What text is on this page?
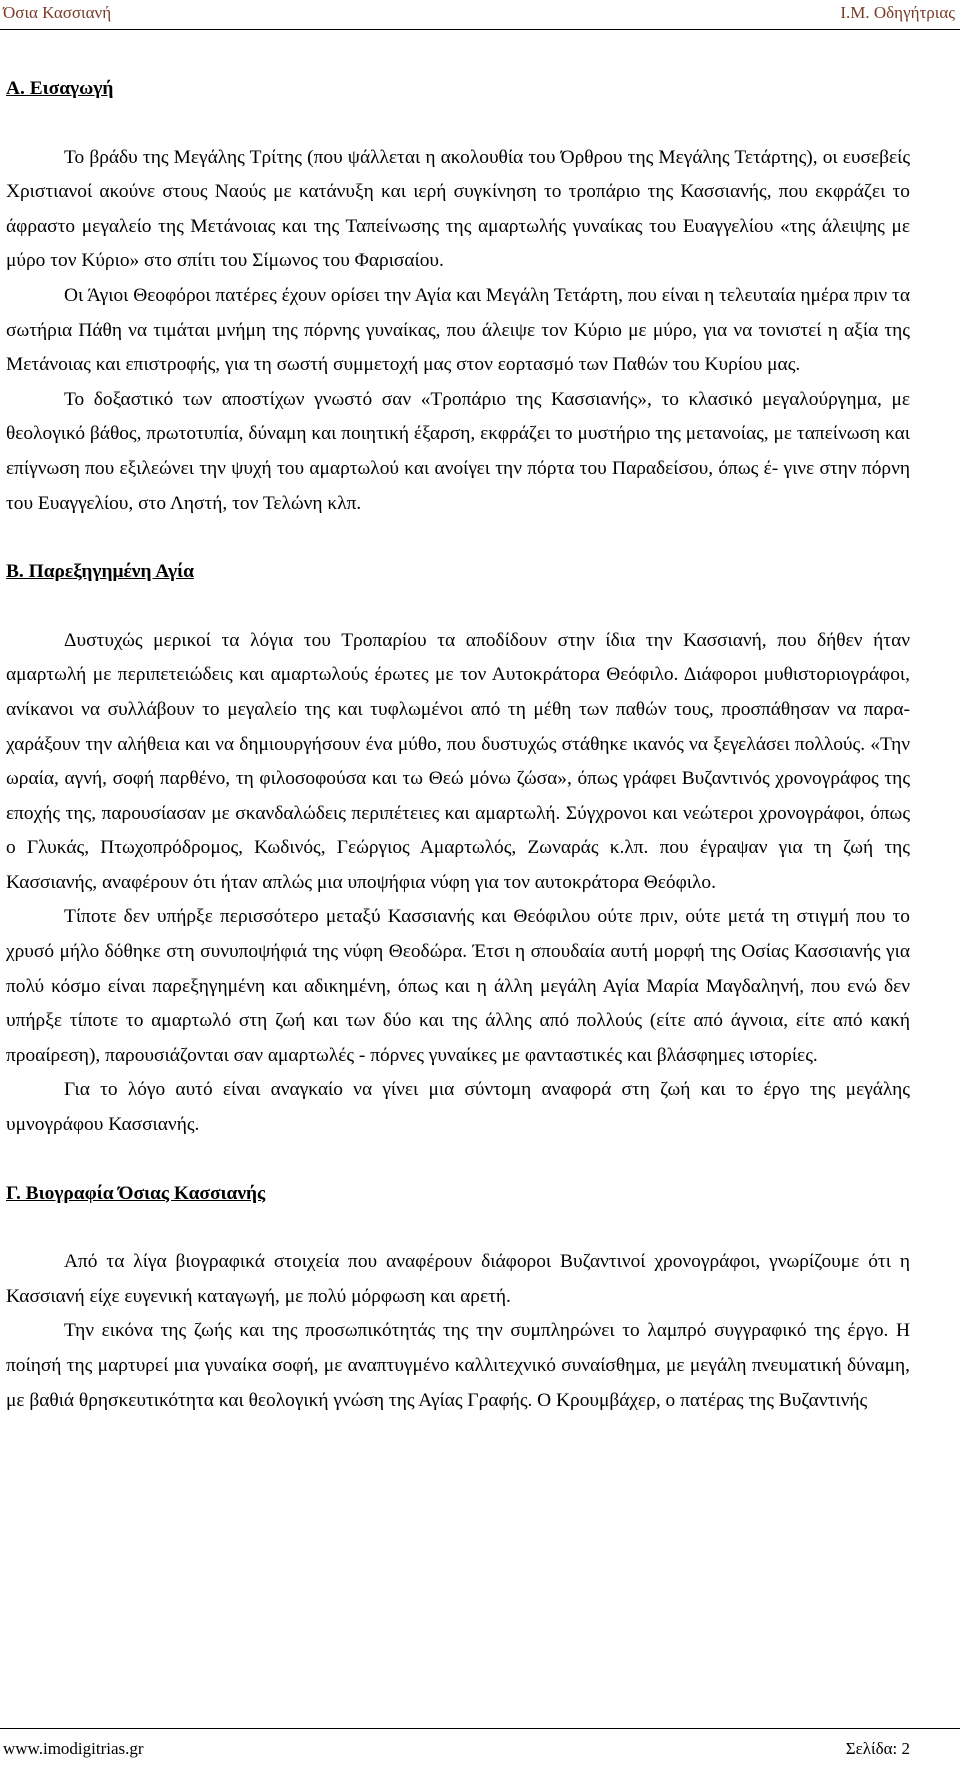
Όσια Κασσιανή	Ι.Μ. Οδηγήτριας

Α. Εισαγωγή

Το βράδυ της Μεγάλης Τρίτης (που ψάλλεται η ακολουθία του Όρθρου της Μεγάλης Τετάρτης), οι ευσεβείς Χριστιανοί ακούνε στους Ναούς με κατάνυξη και ιερή συγκίνηση το τροπάριο της Κασσιανής, που εκφράζει το άφραστο μεγαλείο της Μετάνοιας και της Ταπείνωσης της αμαρτωλής γυναίκας του Ευαγγελίου «της άλειψης με μύρο τον Κύριο» στο σπίτι του Σίμωνος του Φαρισαίου.

Οι Άγιοι Θεοφόροι πατέρες έχουν ορίσει την Αγία και Μεγάλη Τετάρτη, που είναι η τελευταία ημέρα πριν τα σωτήρια Πάθη να τιμάται μνήμη της πόρνης γυναίκας, που άλειψε τον Κύριο με μύρο, για να τονιστεί η αξία της Μετάνοιας και επιστροφής, για τη σωστή συμμετοχή μας στον εορτασμό των Παθών του Κυρίου μας.

Το δοξαστικό των αποστίχων γνωστό σαν «Τροπάριο της Κασσιανής», το κλασικό μεγαλούργημα, με θεολογικό βάθος, πρωτοτυπία, δύναμη και ποιητική έξαρση, εκφράζει το μυστήριο της μετανοίας, με ταπείνωση και επίγνωση που εξιλεώνει την ψυχή του αμαρτωλού και ανοίγει την πόρτα του Παραδείσου, όπως έ- γινε στην πόρνη του Ευαγγελίου, στο Ληστή, τον Τελώνη κλπ.

Β. Παρεξηγημένη Αγία

Δυστυχώς μερικοί τα λόγια του Τροπαρίου τα αποδίδουν στην ίδια την Κασσιανή, που δήθεν ήταν αμαρτωλή με περιπετειώδεις και αμαρτωλούς έρωτες με τον Αυτοκράτορα Θεόφιλο. Διάφοροι μυθιστοριογράφοι, ανίκανοι να συλλάβουν το μεγαλείο της και τυφλωμένοι από τη μέθη των παθών τους, προσπάθησαν να παρα- χαράξουν την αλήθεια και να δημιουργήσουν ένα μύθο, που δυστυχώς στάθηκε ικανός να ξεγελάσει πολλούς. «Την ωραία, αγνή, σοφή παρθένο, τη φιλοσοφούσα και τω Θεώ μόνω ζώσα», όπως γράφει Βυζαντινός χρονογράφος της εποχής της, παρουσίασαν με σκανδαλώδεις περιπέτειες και αμαρτωλή. Σύγχρονοι και νεώτεροι χρονογράφοι, όπως ο Γλυκάς, Πτωχοπρόδρομος, Κωδινός, Γεώργιος Αμαρτωλός, Ζωναράς κ.λπ. που έγραψαν για τη ζωή της Κασσιανής, αναφέρουν ότι ήταν απλώς μια υποψήφια νύφη για τον αυτοκράτορα Θεόφιλο.

Τίποτε δεν υπήρξε περισσότερο μεταξύ Κασσιανής και Θεόφιλου ούτε πριν, ούτε μετά τη στιγμή που το χρυσό μήλο δόθηκε στη συνυποψήφιά της νύφη Θεοδώρα. Έτσι η σπουδαία αυτή μορφή της Οσίας Κασσιανής για πολύ κόσμο είναι παρεξηγημένη και αδικημένη, όπως και η άλλη μεγάλη Αγία Μαρία Μαγδαληνή, που ενώ δεν υπήρξε τίποτε το αμαρτωλό στη ζωή και των δύο και της άλλης από πολλούς (είτε από άγνοια, είτε από κακή προαίρεση), παρουσιάζονται σαν αμαρτωλές - πόρνες γυναίκες με φανταστικές και βλάσφημες ιστορίες.

Για το λόγο αυτό είναι αναγκαίο να γίνει μια σύντομη αναφορά στη ζωή και το έργο της μεγάλης υμνογράφου Κασσιανής.

Γ. Βιογραφία Όσιας Κασσιανής

Από τα λίγα βιογραφικά στοιχεία που αναφέρουν διάφοροι Βυζαντινοί χρονογράφοι, γνωρίζουμε ότι η Κασσιανή είχε ευγενική καταγωγή, με πολύ μόρφωση και αρετή.

Την εικόνα της ζωής και της προσωπικότητάς της την συμπληρώνει το λαμπρό συγγραφικό της έργο. Η ποίησή της μαρτυρεί μια γυναίκα σοφή, με αναπτυγμένο καλλιτεχνικό συναίσθημα, με μεγάλη πνευματική δύναμη, με βαθιά θρησκευτικότητα και θεολογική γνώση της Αγίας Γραφής. Ο Κρουμβάχερ, ο πατέρας της Βυζαντινής

www.imodigitrias.gr	Σελίδα: 2
